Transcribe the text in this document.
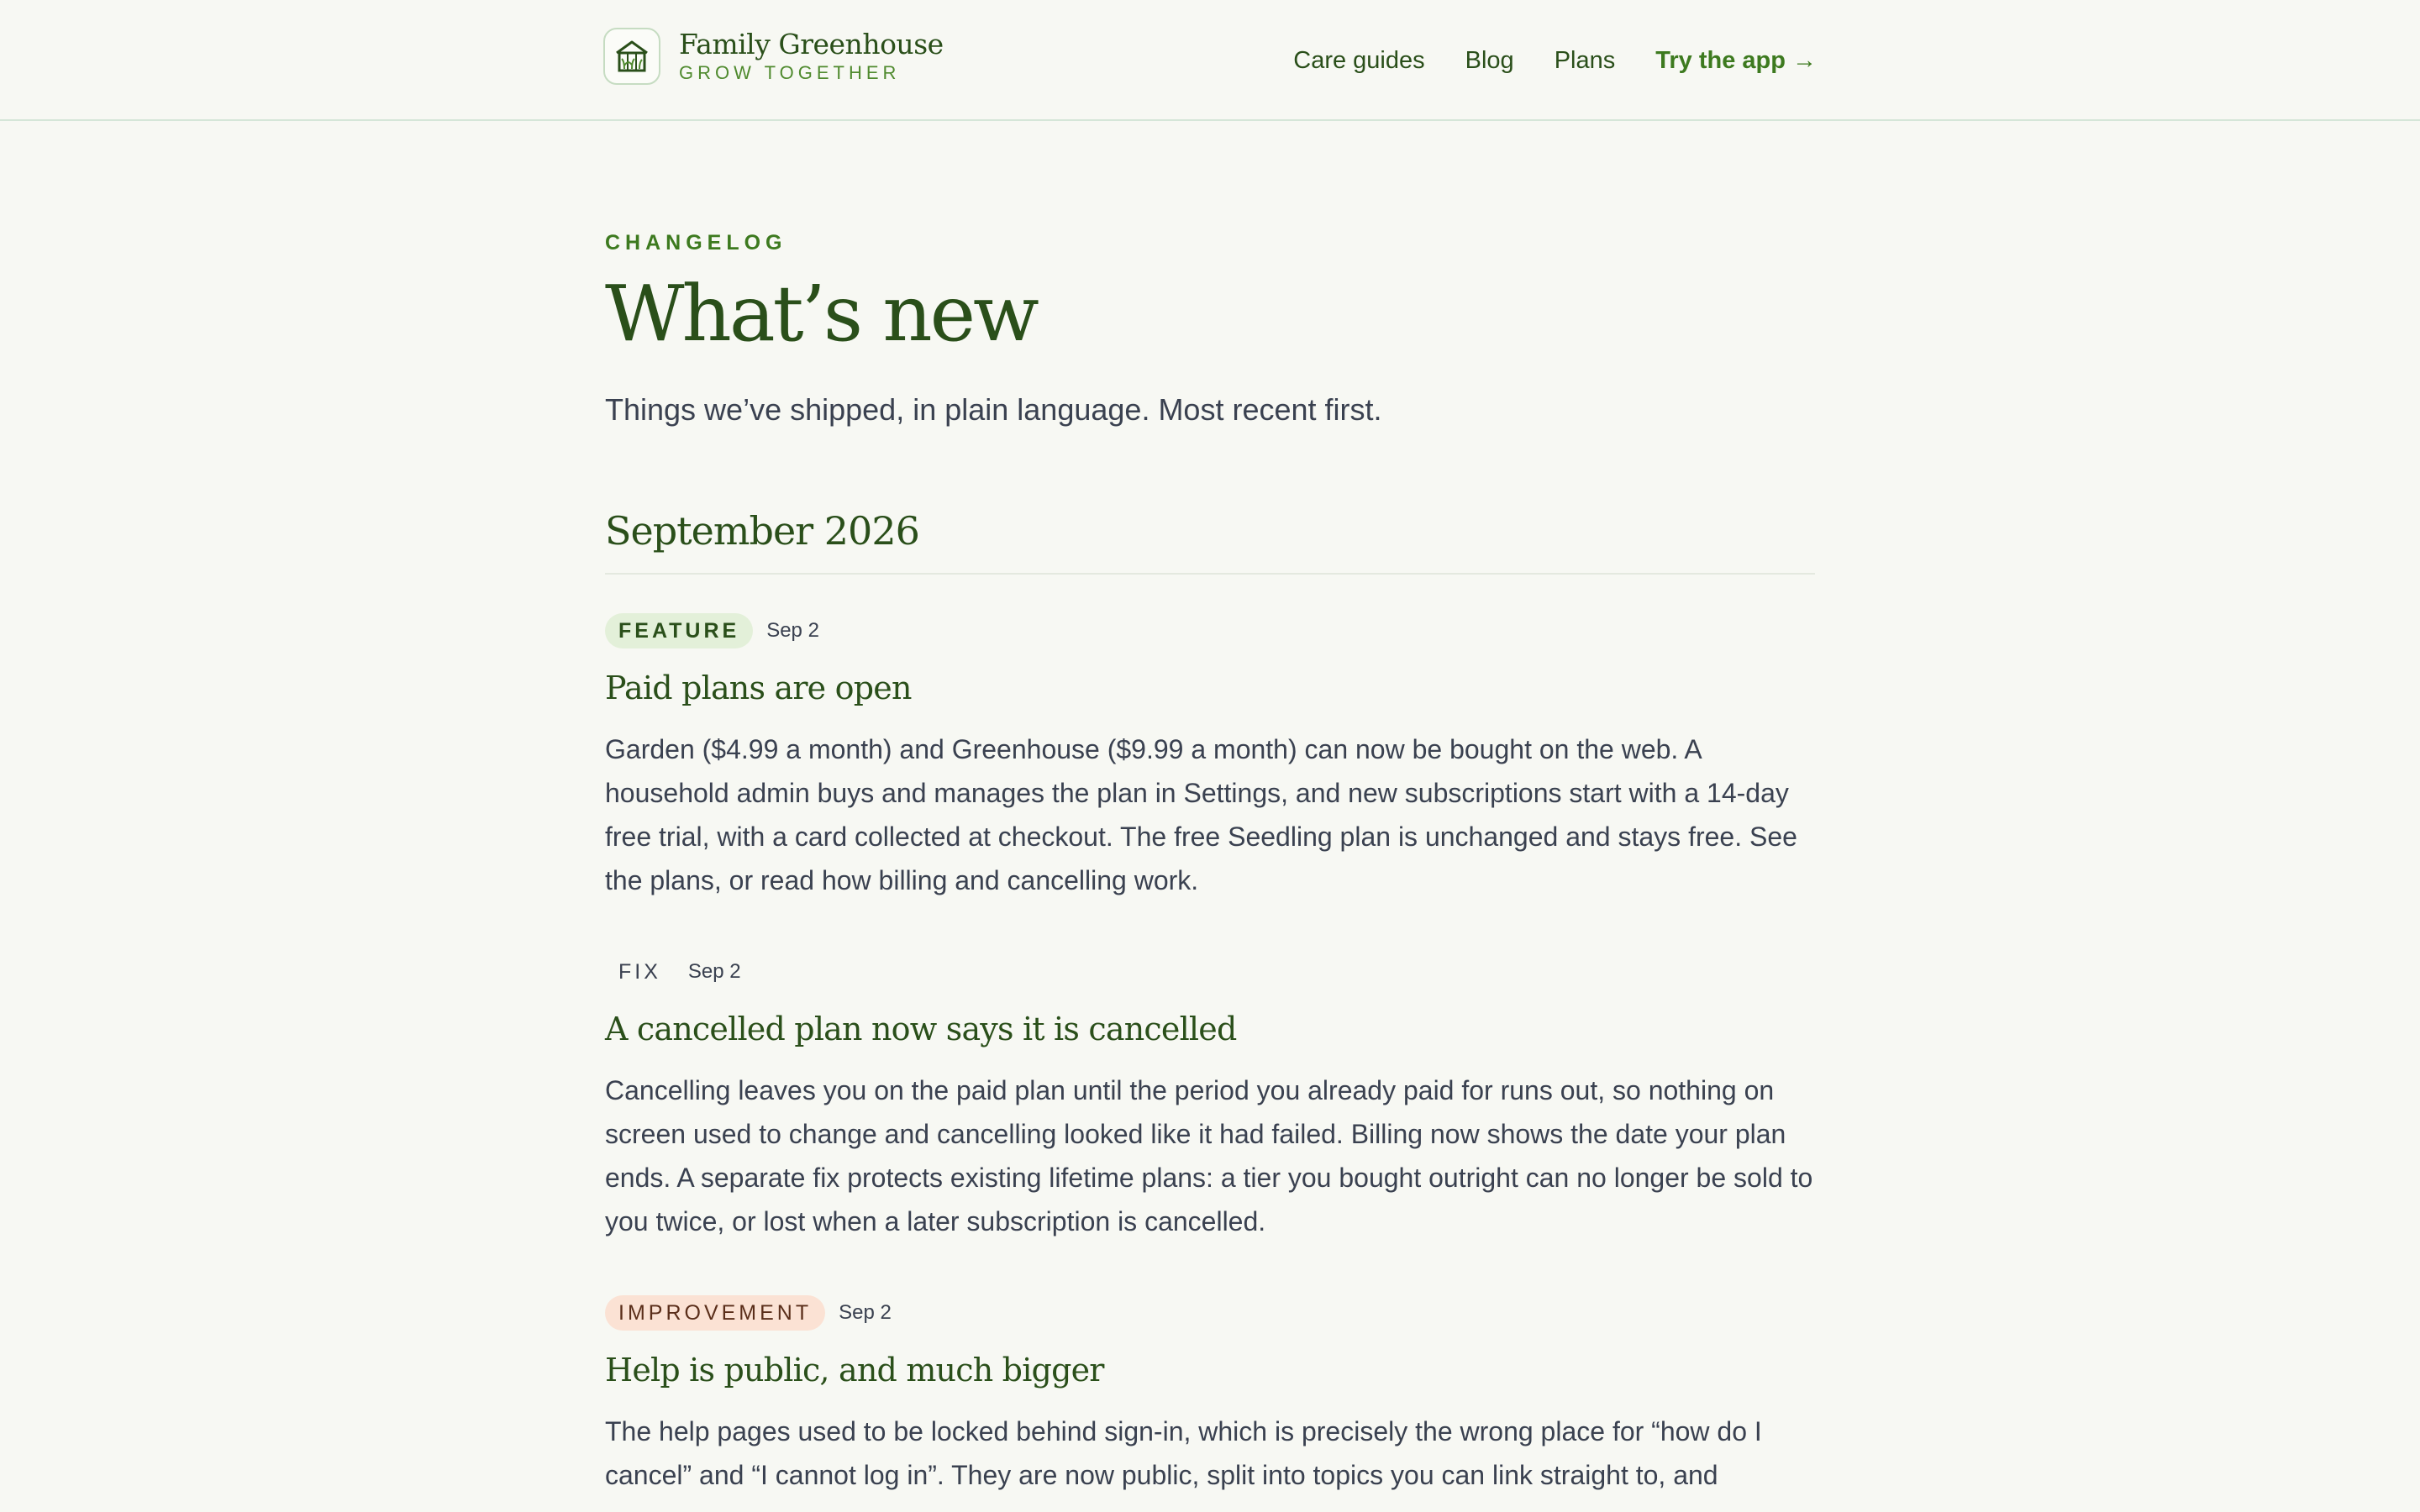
Family Greenhouse
GROW TOGETHER	Care guides Blog Plans Try the app →
CHANGELOG
What’s new

Things we’ve shipped, in plain language. Most recent first.

September 2026
FEATURE	Sep 2
Paid plans are open

Garden ($4.99 a month) and Greenhouse ($9.99 a month) can now be bought on the web. A household admin buys and manages the plan in Settings, and new subscriptions start with a 14-day free trial, with a card collected at checkout. The free Seedling plan is unchanged and stays free. See the plans, or read how billing and cancelling work.

FIX	Sep 2
A cancelled plan now says it is cancelled

Cancelling leaves you on the paid plan until the period you already paid for runs out, so nothing on screen used to change and cancelling looked like it had failed. Billing now shows the date your plan ends. A separate fix protects existing lifetime plans: a tier you bought outright can no longer be sold to you twice, or lost when a later subscription is cancelled.

IMPROVEMENT	Sep 2
Help is public, and much bigger

The help pages used to be locked behind sign-in, which is precisely the wrong place for “how do I cancel” and “I cannot log in”. They are now public, split into topics you can link straight to, and
